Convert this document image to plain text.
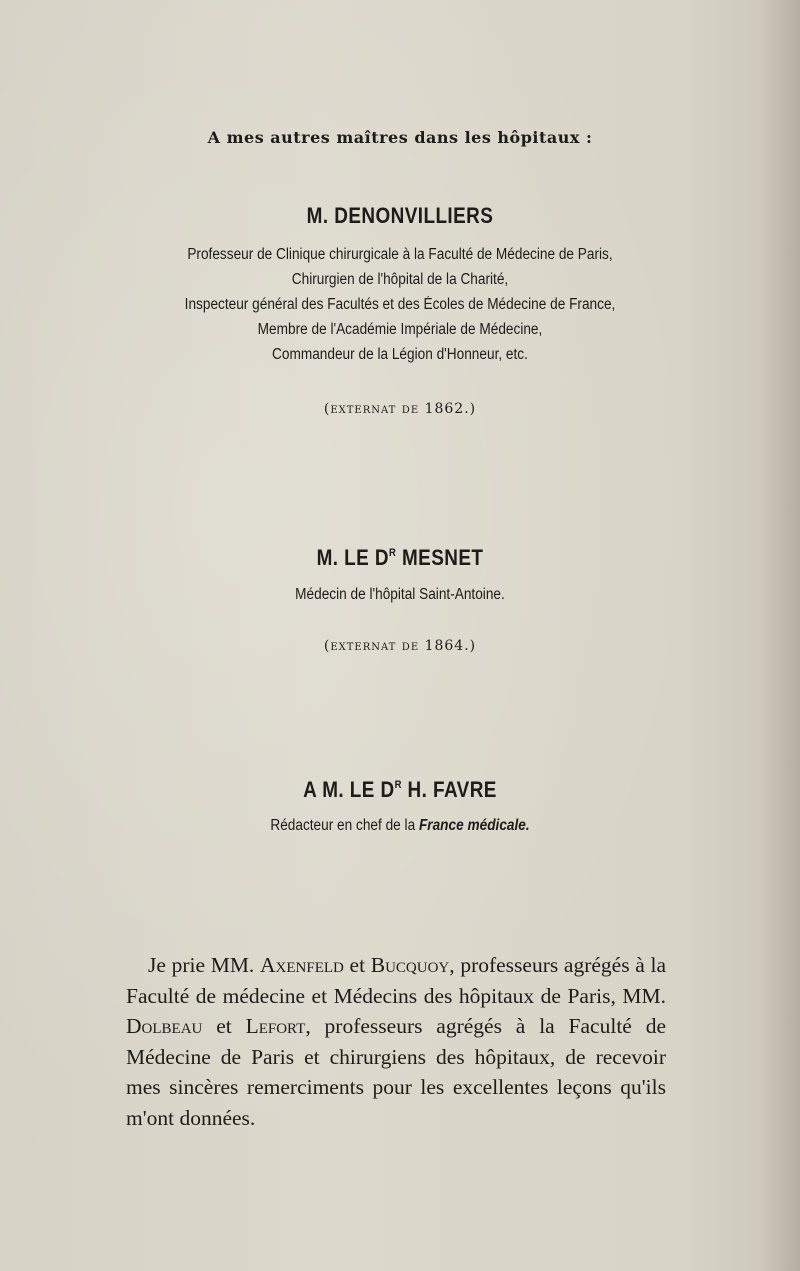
A mes autres maîtres dans les hôpitaux :
M. DENONVILLIERS
Professeur de Clinique chirurgicale à la Faculté de Médecine de Paris,
Chirurgien de l'hôpital de la Charité,
Inspecteur général des Facultés et des Écoles de Médecine de France,
Membre de l'Académie Impériale de Médecine,
Commandeur de la Légion d'Honneur, etc.
(externat de 1862.)
M. LE $D^R$ MESNET
Médecin de l'hôpital Saint-Antoine.
(externat de 1864.)
A M. LE $D^R$ H. FAVRE
Rédacteur en chef de la France médicale.
Je prie MM. Axenfeld et Bucquoy, professeurs agrégés à la Faculté de médecine et Médecins des hôpitaux de Paris, MM. Dolbeau et Lefort, professeurs agrégés à la Faculté de Médecine de Paris et chirurgiens des hôpitaux, de recevoir mes sincères remerciments pour les excellentes leçons qu'ils m'ont données.
